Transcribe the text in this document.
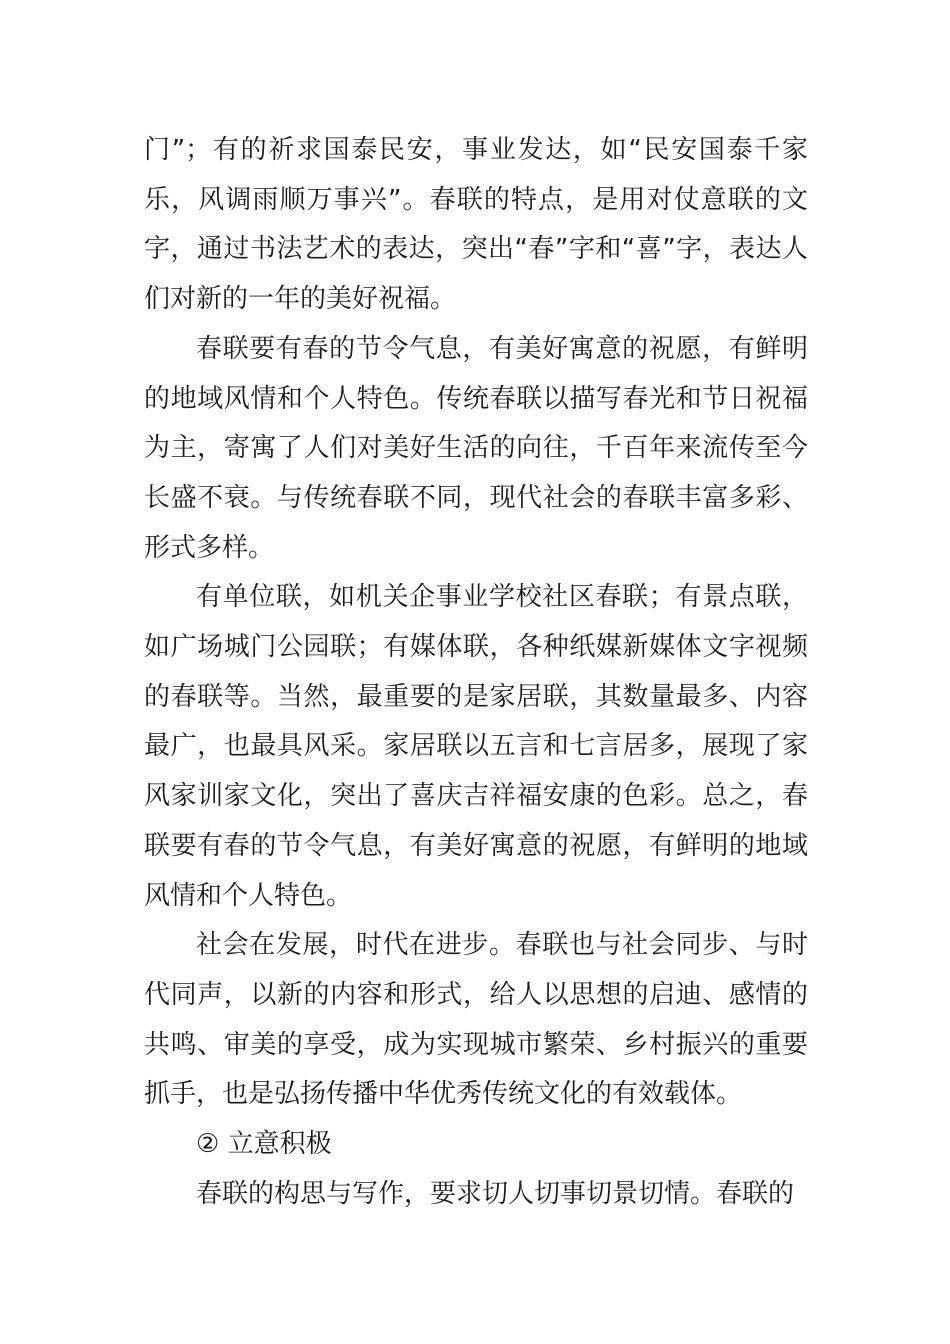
门”；有的祈求国泰民安，事业发达，如“民安国泰千家乐，风调雨顺万事兴”。春联的特点，是用对仗意联的文字，通过书法艺术的表达，突出“春”字和“喜”字，表达人们对新的一年的美好祝福。

春联要有春的节令气息，有美好寓意的祝愿，有鲜明的地域风情和个人特色。传统春联以描写春光和节日祝福为主，寄寓了人们对美好生活的向往，千百年来流传至今长盛不衰。与传统春联不同，现代社会的春联丰富多彩、形式多样。

有单位联，如机关企事业学校社区春联；有景点联，如广场城门公园联；有媒体联，各种纸媒新媒体文字视频的春联等。当然，最重要的是家居联，其数量最多、内容最广，也最具风采。家居联以五言和七言居多，展现了家风家训家文化，突出了喜庆吉祥福安康的色彩。总之，春联要有春的节令气息，有美好寓意的祝愿，有鲜明的地域风情和个人特色。

社会在发展，时代在进步。春联也与社会同步、与时代同声，以新的内容和形式，给人以思想的启迪、感情的共鸣、审美的享受，成为实现城市繁荣、乡村振兴的重要抓手，也是弘扬传播中华优秀传统文化的有效载体。

② 立意积极

春联的构思与写作，要求切人切事切景切情。春联的
